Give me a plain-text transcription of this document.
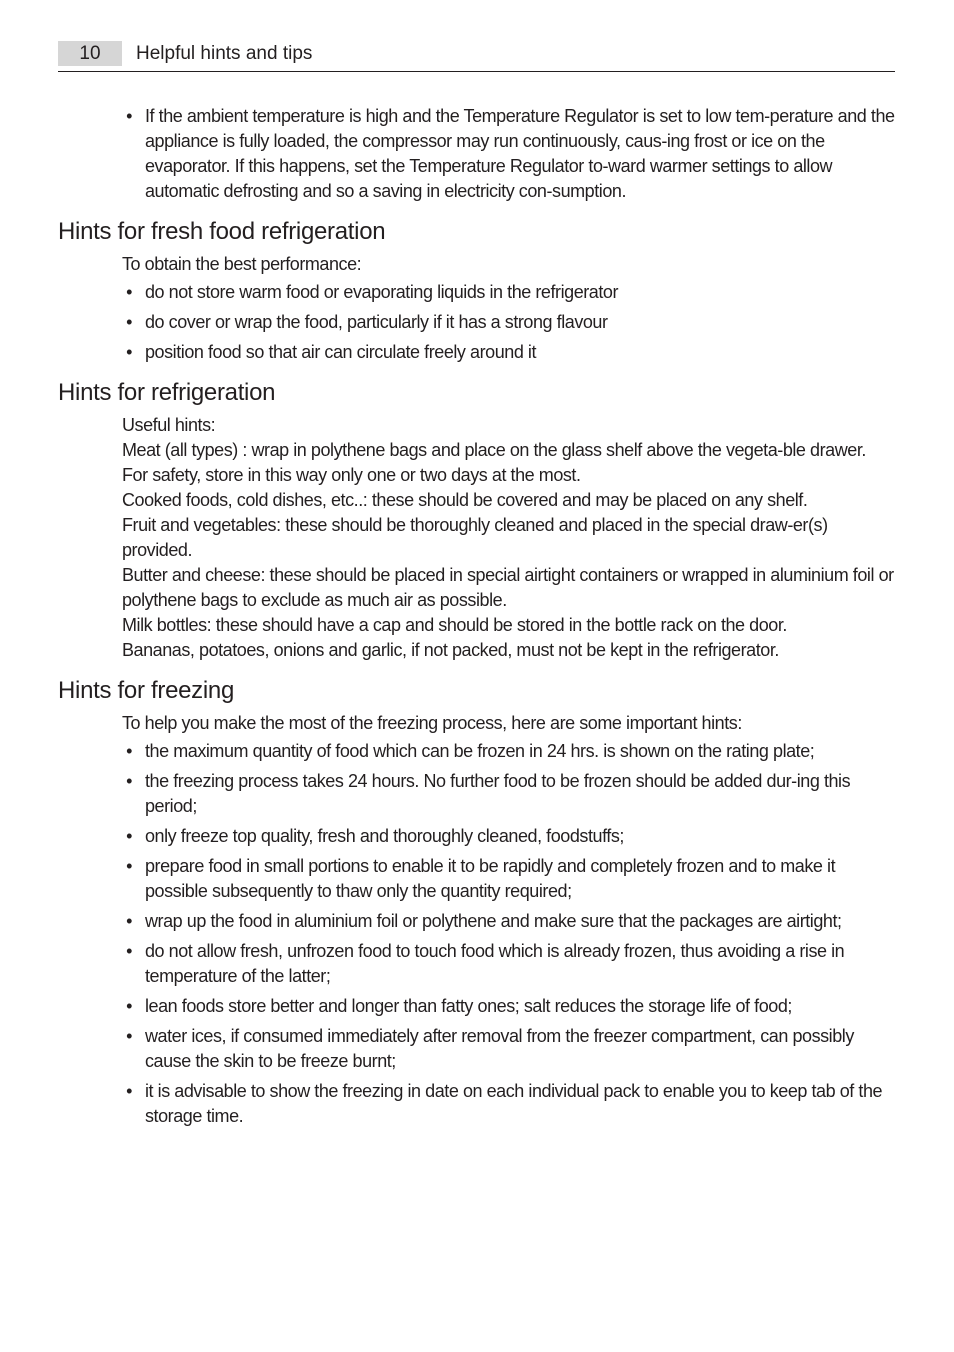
10	Helpful hints and tips
• If the ambient temperature is high and the Temperature Regulator is set to low tem-perature and the appliance is fully loaded, the compressor may run continuously, caus-ing frost or ice on the evaporator. If this happens, set the Temperature Regulator to-ward warmer settings to allow automatic defrosting and so a saving in electricity con-sumption.
Hints for fresh food refrigeration
To obtain the best performance:
• do not store warm food or evaporating liquids in the refrigerator
• do cover or wrap the food, particularly if it has a strong flavour
• position food so that air can circulate freely around it
Hints for refrigeration
Useful hints:
Meat (all types) : wrap in polythene bags and place on the glass shelf above the vegeta-ble drawer.
For safety, store in this way only one or two days at the most.
Cooked foods, cold dishes, etc..: these should be covered and may be placed on any shelf.
Fruit and vegetables: these should be thoroughly cleaned and placed in the special draw-er(s) provided.
Butter and cheese: these should be placed in special airtight containers or wrapped in aluminium foil or polythene bags to exclude as much air as possible.
Milk bottles: these should have a cap and should be stored in the bottle rack on the door.
Bananas, potatoes, onions and garlic, if not packed, must not be kept in the refrigerator.
Hints for freezing
To help you make the most of the freezing process, here are some important hints:
• the maximum quantity of food which can be frozen in 24 hrs. is shown on the rating plate;
• the freezing process takes 24 hours. No further food to be frozen should be added dur-ing this period;
• only freeze top quality, fresh and thoroughly cleaned, foodstuffs;
• prepare food in small portions to enable it to be rapidly and completely frozen and to make it possible subsequently to thaw only the quantity required;
• wrap up the food in aluminium foil or polythene and make sure that the packages are airtight;
• do not allow fresh, unfrozen food to touch food which is already frozen, thus avoiding a rise in temperature of the latter;
• lean foods store better and longer than fatty ones; salt reduces the storage life of food;
• water ices, if consumed immediately after removal from the freezer compartment, can possibly cause the skin to be freeze burnt;
• it is advisable to show the freezing in date on each individual pack to enable you to keep tab of the storage time.
